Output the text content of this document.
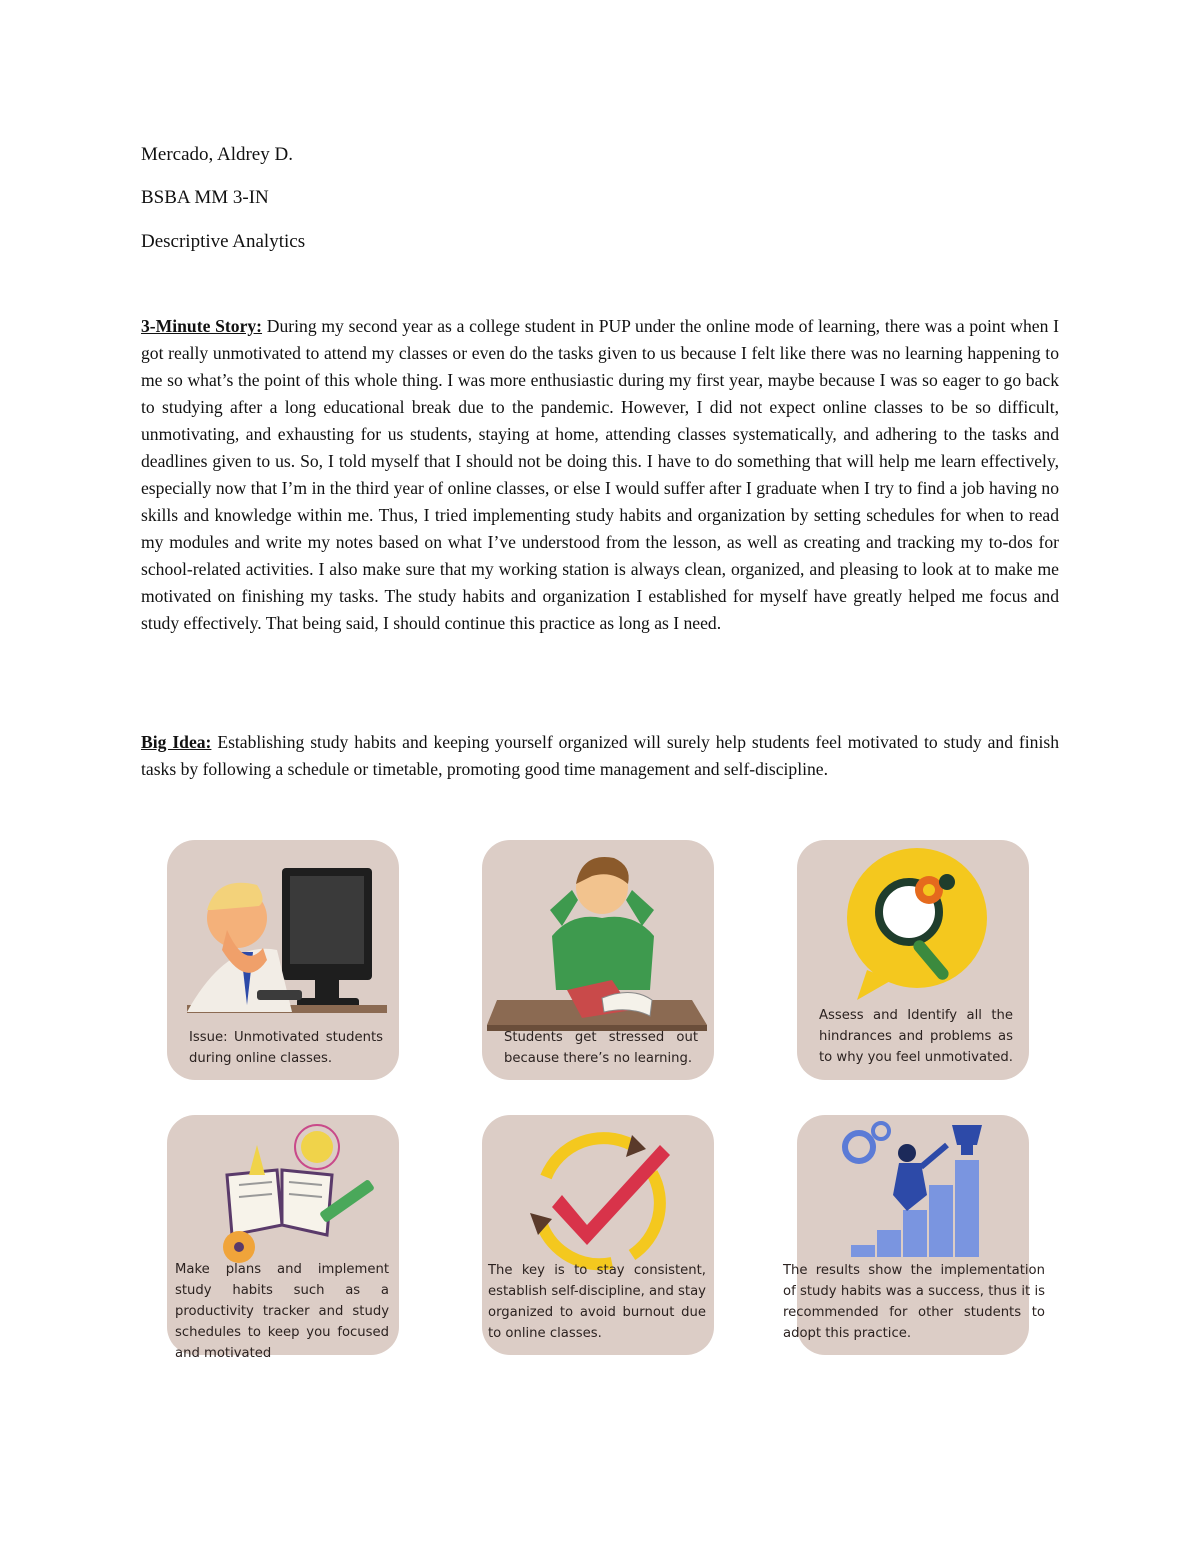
Mercado, Aldrey D.
BSBA MM 3-IN
Descriptive Analytics
3-Minute Story: During my second year as a college student in PUP under the online mode of learning, there was a point when I got really unmotivated to attend my classes or even do the tasks given to us because I felt like there was no learning happening to me so what’s the point of this whole thing. I was more enthusiastic during my first year, maybe because I was so eager to go back to studying after a long educational break due to the pandemic. However, I did not expect online classes to be so difficult, unmotivating, and exhausting for us students, staying at home, attending classes systematically, and adhering to the tasks and deadlines given to us. So, I told myself that I should not be doing this. I have to do something that will help me learn effectively, especially now that I’m in the third year of online classes, or else I would suffer after I graduate when I try to find a job having no skills and knowledge within me. Thus, I tried implementing study habits and organization by setting schedules for when to read my modules and write my notes based on what I’ve understood from the lesson, as well as creating and tracking my to-dos for school-related activities. I also make sure that my working station is always clean, organized, and pleasing to look at to make me motivated on finishing my tasks. The study habits and organization I established for myself have greatly helped me focus and study effectively. That being said, I should continue this practice as long as I need.
Big Idea: Establishing study habits and keeping yourself organized will surely help students feel motivated to study and finish tasks by following a schedule or timetable, promoting good time management and self-discipline.
Issue: Unmotivated students during online classes.
Students get stressed out because there’s no learning.
Assess and Identify all the hindrances and problems as to why you feel unmotivated.
Make plans and implement study habits such as a productivity tracker and study schedules to keep you focused and motivated
The key is to stay consistent, establish self-discipline, and stay organized to avoid burnout due to online classes.
The results show the implementation of study habits was a success, thus it is recommended for other students to adopt this practice.
